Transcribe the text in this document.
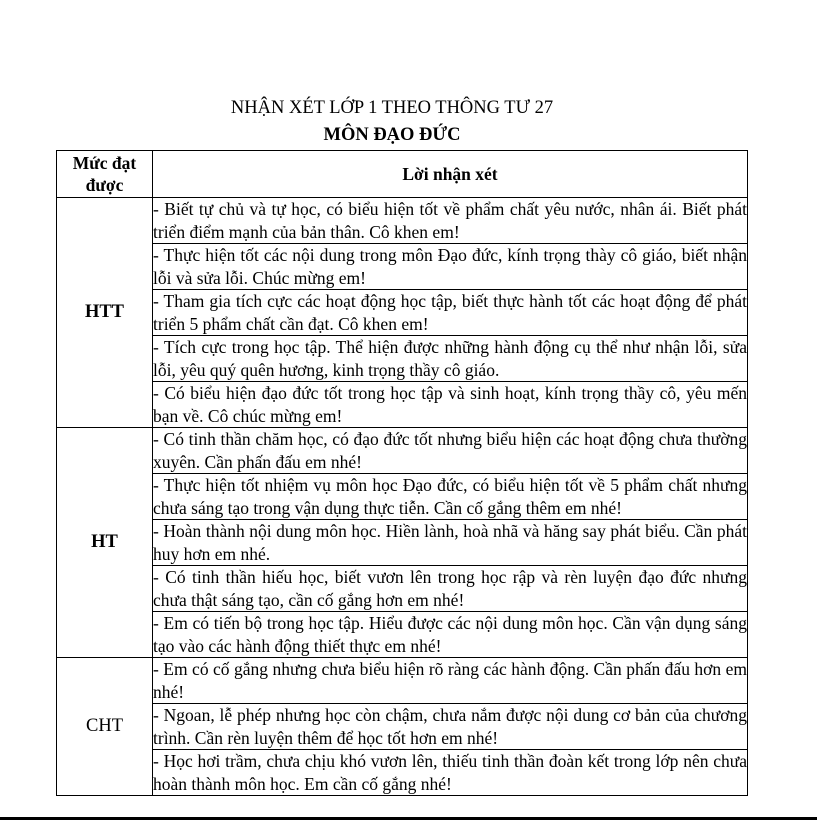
NHẬN XÉT LỚP 1 THEO THÔNG TƯ 27
MÔN ĐẠO ĐỨC
Mức đạt được	Lời nhận xét
HTT	- Biết tự chủ và tự học, có biểu hiện tốt về phẩm chất yêu nước, nhân ái. Biết phát triển điểm mạnh của bản thân. Cô khen em!
	- Thực hiện tốt các nội dung trong môn Đạo đức, kính trọng thày cô giáo, biết nhận lỗi và sửa lỗi. Chúc mừng em!
	- Tham gia tích cực các hoạt động học tập, biết thực hành tốt các hoạt động để phát triển 5 phẩm chất cần đạt. Cô khen em!
	- Tích cực trong học tập. Thể hiện được những hành động cụ thể như nhận lỗi, sửa lỗi, yêu quý quên hương, kinh trọng thầy cô giáo.
	- Có biểu hiện đạo đức tốt trong học tập và sinh hoạt, kính trọng thầy cô, yêu mến bạn về. Cô chúc mừng em!
HT	- Có tinh thần chăm học, có đạo đức tốt nhưng biểu hiện các hoạt động chưa thường xuyên. Cần phấn đấu em nhé!
	- Thực hiện tốt nhiệm vụ môn học Đạo đức, có biểu hiện tốt về 5 phẩm chất nhưng chưa sáng tạo trong vận dụng thực tiễn. Cần cố gắng thêm em nhé!
	- Hoàn thành nội dung môn học. Hiền lành, hoà nhã và hăng say phát biểu. Cần phát huy hơn em nhé.
	- Có tinh thần hiếu học, biết vươn lên trong học rập và rèn luyện đạo đức nhưng chưa thật sáng tạo, cần cố gắng hơn em nhé!
	- Em có tiến bộ trong học tập. Hiểu được các nội dung môn học. Cần vận dụng sáng tạo vào các hành động thiết thực em nhé!
CHT	- Em có cố gắng nhưng chưa biểu hiện rõ ràng các hành động. Cần phấn đấu hơn em nhé!
	- Ngoan, lễ phép nhưng học còn chậm, chưa nắm được nội dung cơ bản của chương trình. Cần rèn luyện thêm để học tốt hơn em nhé!
	- Học hơi trầm, chưa chịu khó vươn lên, thiếu tinh thần đoàn kết trong lớp nên chưa hoàn thành môn học. Em cần cố gắng nhé!
